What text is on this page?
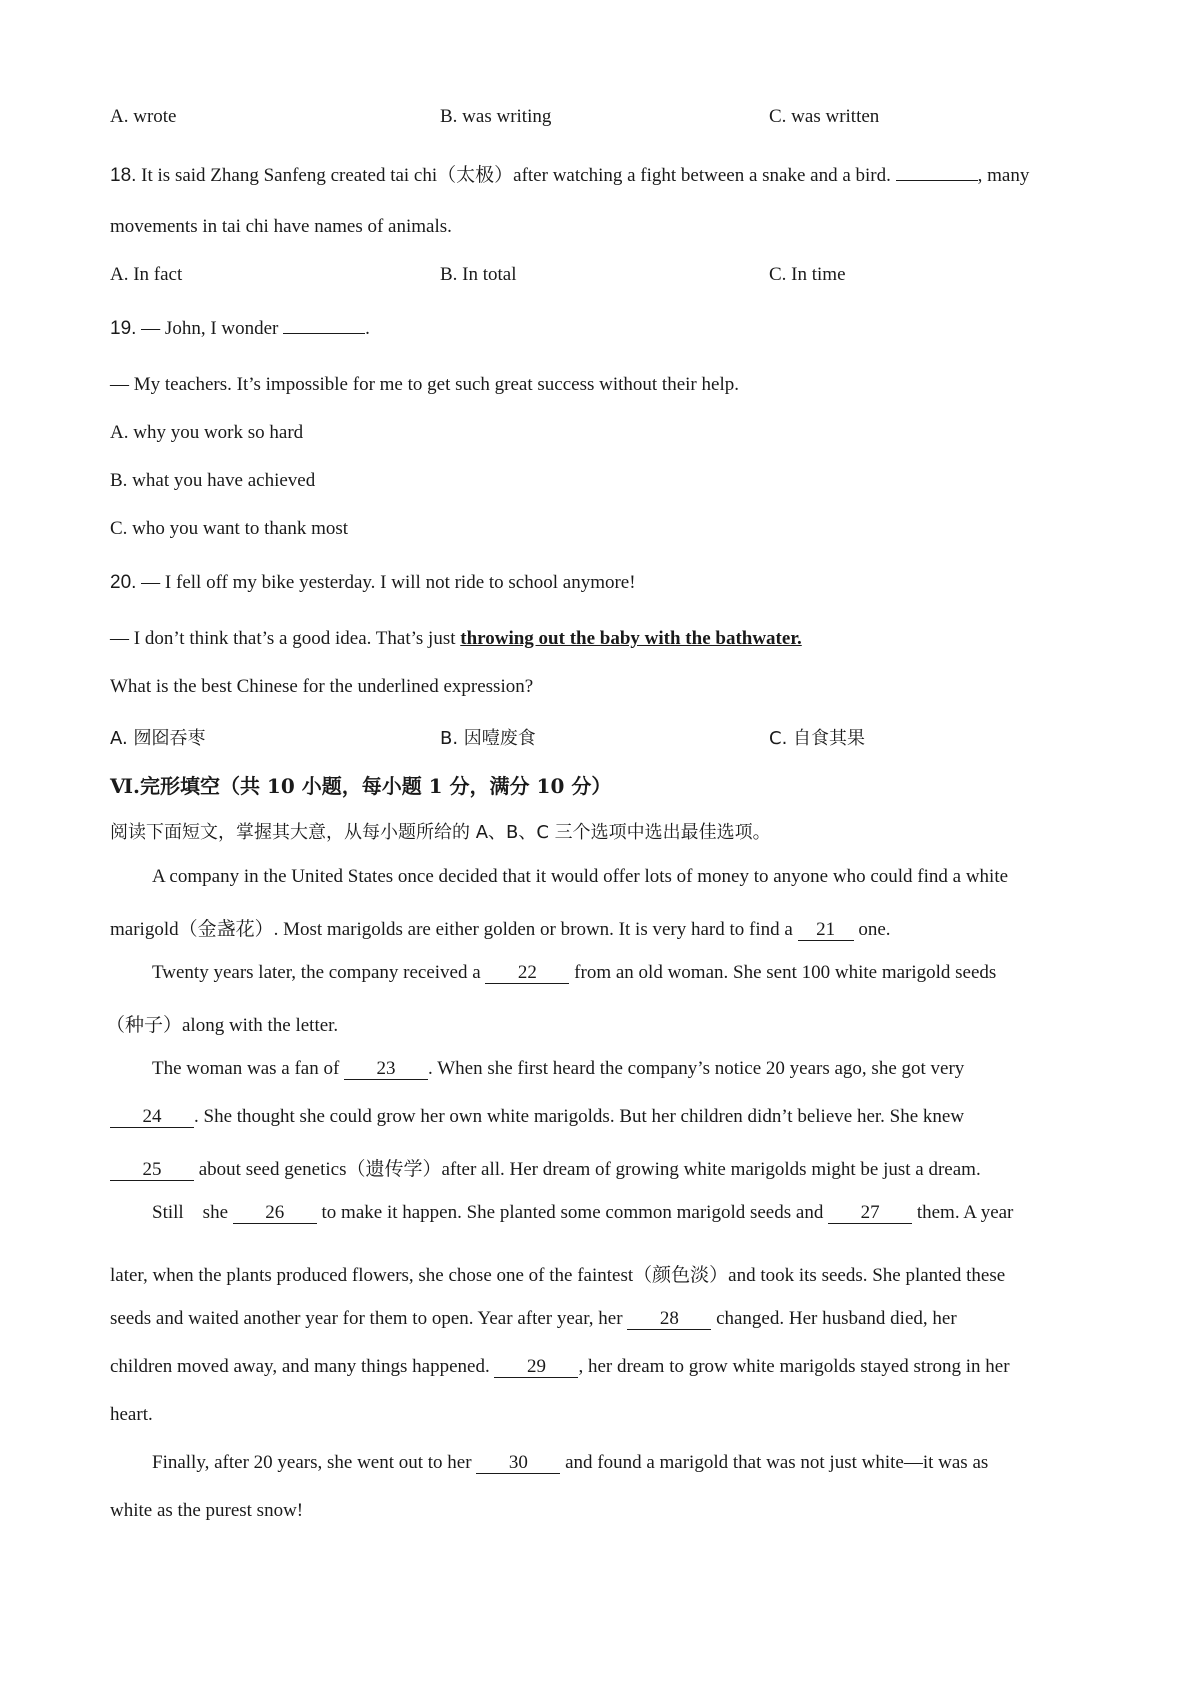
A. wrote	B. was writing	C. was written
18. It is said Zhang Sanfeng created tai chi（太极）after watching a fight between a snake and a bird.	, many
movements in tai chi have names of animals.
A. In fact	B. In total	C. In time
19. — John, I wonder	.
— My teachers. It’s impossible for me to get such great success without their help.
A. why you work so hard
B. what you have achieved
C. who you want to thank most
20. — I fell off my bike yesterday. I will not ride to school anymore!
— I don’t think that’s a good idea. That’s just throwing out the baby with the bathwater.
What is the best Chinese for the underlined expression?
A. 囫囵吞枣	B. 因噎废食	C. 自食其果
Ⅵ.完形填空（共 10 小题，每小题 1 分，满分 10 分）
阅读下面短文，掌握其大意，从每小题所给的 A、B、C 三个选项中选出最佳选项。
A company in the United States once decided that it would offer lots of money to anyone who could find a white
marigold（金盏花）. Most marigolds are either golden or brown. It is very hard to find a 21 one.
Twenty years later, the company received a 22 from an old woman. She sent 100 white marigold seeds
（种子）along with the letter.
The woman was a fan of 23 . When she first heard the company’s notice 20 years ago, she got very
24 . She thought she could grow her own white marigolds. But her children didn’t believe her. She knew
25 about seed genetics（遗传学）after all. Her dream of growing white marigolds might be just a dream.
Still    she 26 to make it happen. She planted some common marigold seeds and 27 them. A year
later, when the plants produced flowers, she chose one of the faintest（颜色淡）and took its seeds. She planted these
seeds and waited another year for them to open. Year after year, her 28 changed. Her husband died, her
children moved away, and many things happened. 29 , her dream to grow white marigolds stayed strong in her
heart.
Finally, after 20 years, she went out to her 30 and found a marigold that was not just white—it was as
white as the purest snow!
